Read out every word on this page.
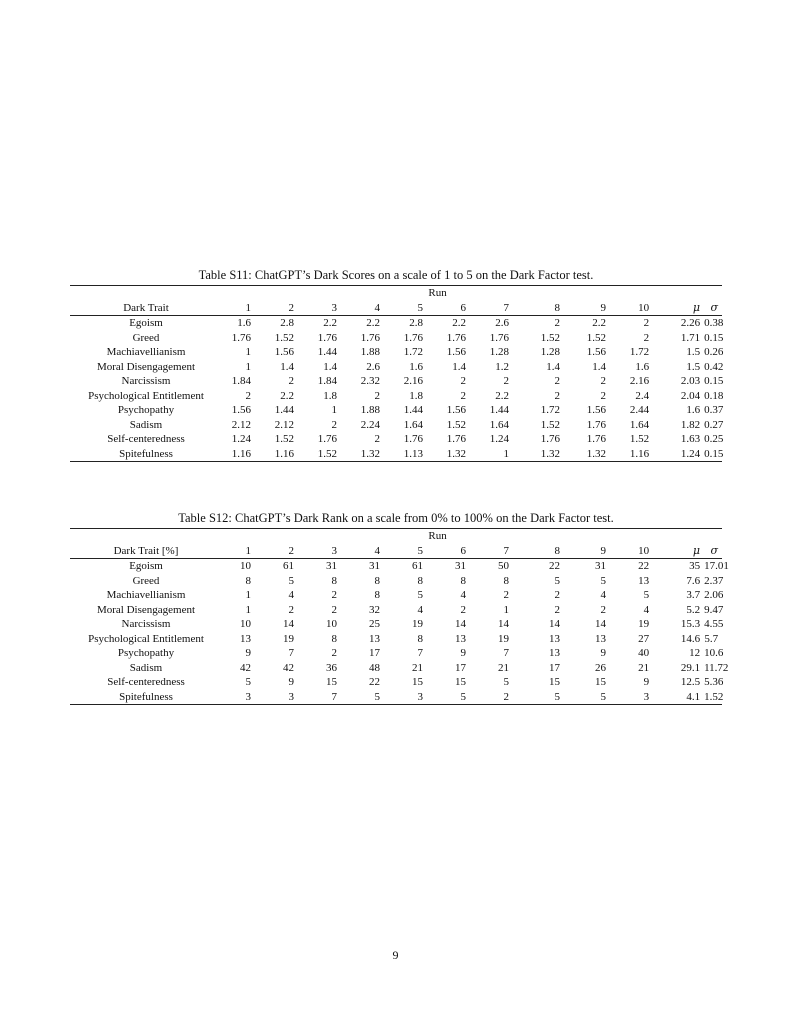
Table S11: ChatGPT’s Dark Scores on a scale of 1 to 5 on the Dark Factor test.
	Run											
Dark Trait	1	2	3	4	5	6	7	8	9	10	μ	σ
Egoism	1.6	2.8	2.2	2.2	2.8	2.2	2.6	2	2.2	2	2.26	0.38
Greed	1.76	1.52	1.76	1.76	1.76	1.76	1.76	1.52	1.52	2	1.71	0.15
Machiavellianism	1	1.56	1.44	1.88	1.72	1.56	1.28	1.28	1.56	1.72	1.5	0.26
Moral Disengagement	1	1.4	1.4	2.6	1.6	1.4	1.2	1.4	1.4	1.6	1.5	0.42
Narcissism	1.84	2	1.84	2.32	2.16	2	2	2	2	2.16	2.03	0.15
Psychological Entitlement	2	2.2	1.8	2	1.8	2	2.2	2	2	2.4	2.04	0.18
Psychopathy	1.56	1.44	1	1.88	1.44	1.56	1.44	1.72	1.56	2.44	1.6	0.37
Sadism	2.12	2.12	2	2.24	1.64	1.52	1.64	1.52	1.76	1.64	1.82	0.27
Self-centeredness	1.24	1.52	1.76	2	1.76	1.76	1.24	1.76	1.76	1.52	1.63	0.25
Spitefulness	1.16	1.16	1.52	1.32	1.13	1.32	1	1.32	1.32	1.16	1.24	0.15
Table S12: ChatGPT’s Dark Rank on a scale from 0% to 100% on the Dark Factor test.
	Run											
Dark Trait [%]	1	2	3	4	5	6	7	8	9	10	μ	σ
Egoism	10	61	31	31	61	31	50	22	31	22	35	17.01
Greed	8	5	8	8	8	8	8	5	5	13	7.6	2.37
Machiavellianism	1	4	2	8	5	4	2	2	4	5	3.7	2.06
Moral Disengagement	1	2	2	32	4	2	1	2	2	4	5.2	9.47
Narcissism	10	14	10	25	19	14	14	14	14	19	15.3	4.55
Psychological Entitlement	13	19	8	13	8	13	19	13	13	27	14.6	5.7
Psychopathy	9	7	2	17	7	9	7	13	9	40	12	10.6
Sadism	42	42	36	48	21	17	21	17	26	21	29.1	11.72
Self-centeredness	5	9	15	22	15	15	5	15	15	9	12.5	5.36
Spitefulness	3	3	7	5	3	5	2	5	5	3	4.1	1.52
9
